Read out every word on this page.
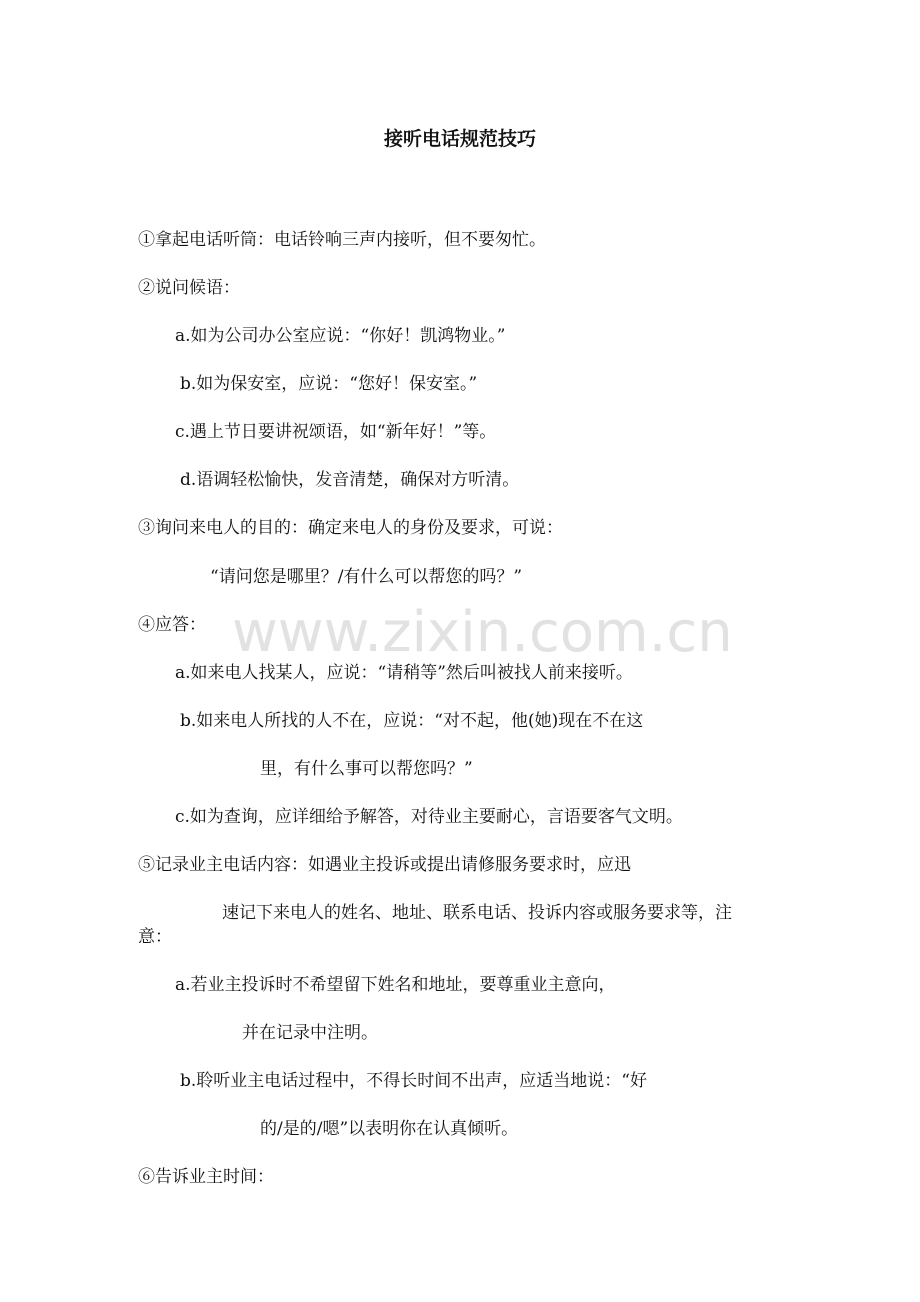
www.zixin.com.cn
接听电话规范技巧

①拿起电话听筒：电话铃响三声内接听，但不要匆忙。

②说问候语：

a.如为公司办公室应说：“你好！凯鸿物业。”

b.如为保安室，应说：“您好！保安室。”

c.遇上节日要讲祝颂语，如“新年好！”等。

d.语调轻松愉快，发音清楚，确保对方听清。

③询问来电人的目的：确定来电人的身份及要求，可说：

“请问您是哪里？/有什么可以帮您的吗？”

④应答：

a.如来电人找某人，应说：“请稍等”然后叫被找人前来接听。

b.如来电人所找的人不在，应说：“对不起，他(她)现在不在这

里，有什么事可以帮您吗？”

c.如为查询，应详细给予解答，对待业主要耐心，言语要客气文明。

⑤记录业主电话内容：如遇业主投诉或提出请修服务要求时，应迅

速记下来电人的姓名、地址、联系电话、投诉内容或服务要求等，注

意：

a.若业主投诉时不希望留下姓名和地址，要尊重业主意向，

并在记录中注明。

b.聆听业主电话过程中，不得长时间不出声，应适当地说：“好

的/是的/嗯”以表明你在认真倾听。

⑥告诉业主时间：
